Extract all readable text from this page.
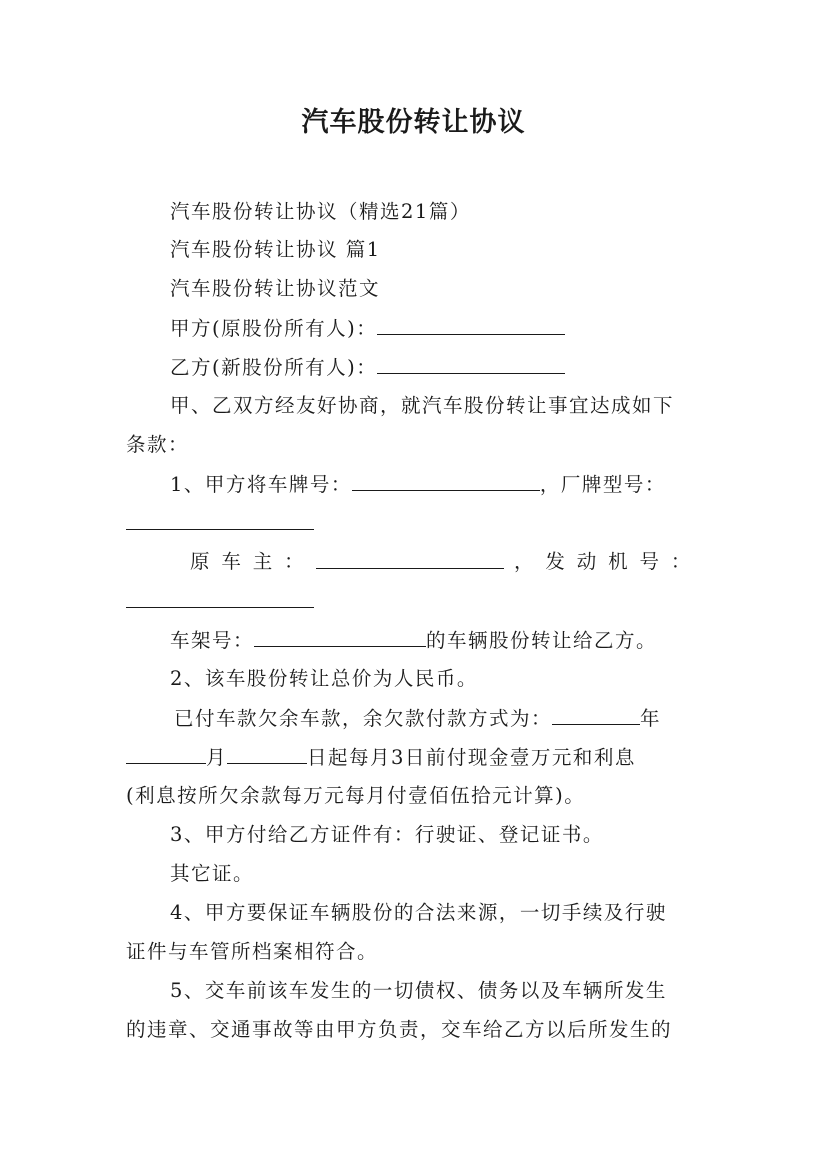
汽车股份转让协议
汽车股份转让协议（精选21篇）
汽车股份转让协议 篇1
汽车股份转让协议范文
甲方(原股份所有人)：
乙方(新股份所有人)：
甲、乙双方经友好协商，就汽车股份转让事宜达成如下
条款：
1、甲方将车牌号：	，厂牌型号：
原 车 主 ：	， 发 动 机 号 ：
车架号：	的车辆股份转让给乙方。
2、该车股份转让总价为人民币。
已付车款欠余车款，余欠款付款方式为：	年
月	日起每月3日前付现金壹万元和利息
(利息按所欠余款每万元每月付壹佰伍拾元计算)。
3、甲方付给乙方证件有：行驶证、登记证书。
其它证。
4、甲方要保证车辆股份的合法来源，一切手续及行驶
证件与车管所档案相符合。
5、交车前该车发生的一切债权、债务以及车辆所发生
的违章、交通事故等由甲方负责，交车给乙方以后所发生的
